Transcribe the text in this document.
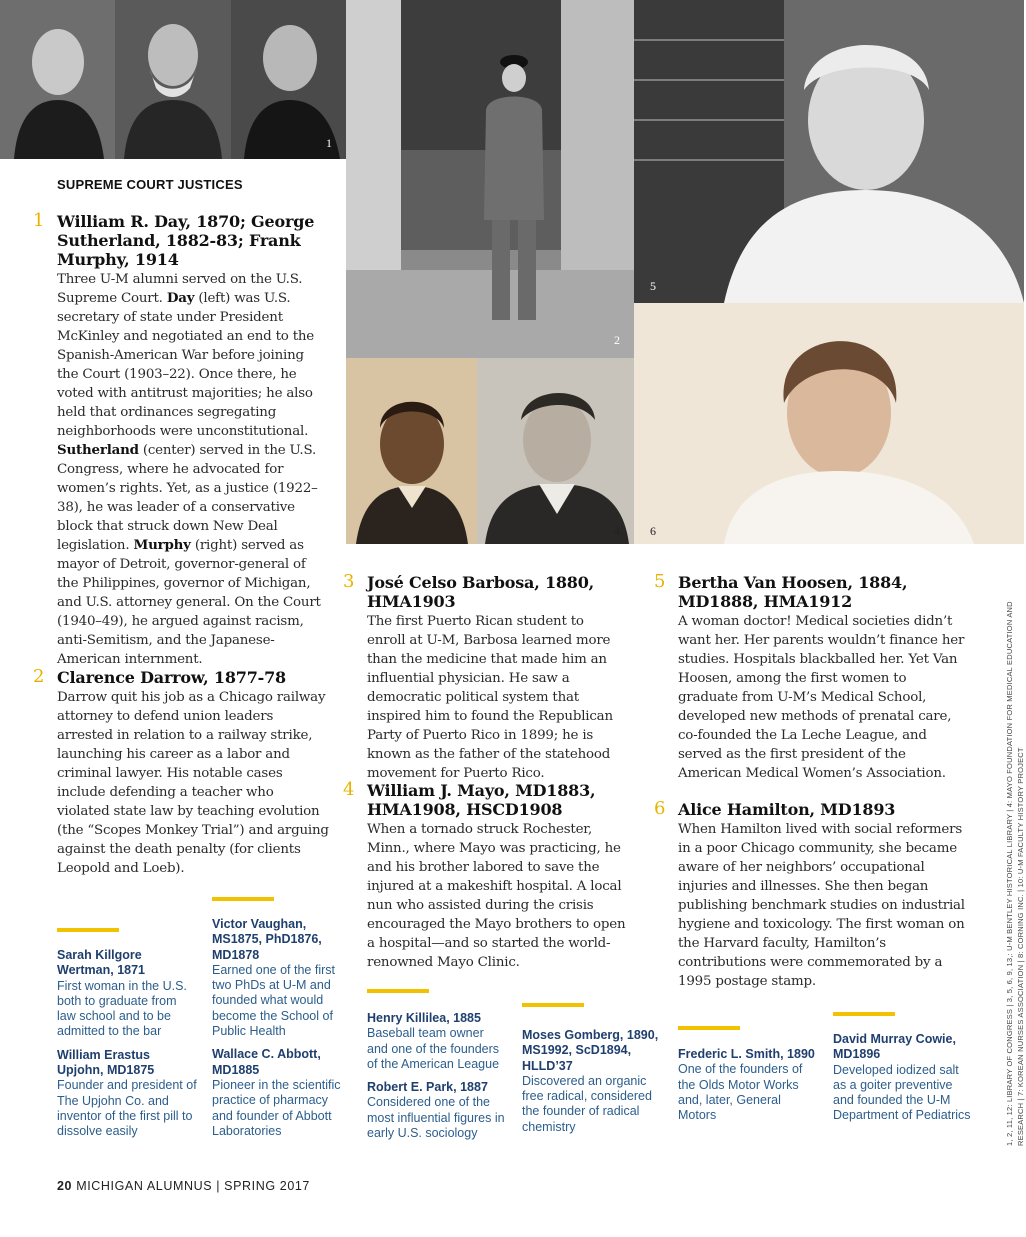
1
2
5
3	4	6
SUPREME COURT JUSTICES
1 William R. Day, 1870; George Sutherland, 1882-83; Frank Murphy, 1914

Three U-M alumni served on the U.S. Supreme Court. Day (left) was U.S. secretary of state under President McKinley and negotiated an end to the Spanish-American War before joining the Court (1903–22). Once there, he voted with antitrust majorities; he also held that ordinances segregating neighborhoods were unconstitutional. Sutherland (center) served in the U.S. Congress, where he advocated for women’s rights. Yet, as a justice (1922–38), he was leader of a conservative block that struck down New Deal legislation. Murphy (right) served as mayor of Detroit, governor-general of the Philippines, governor of Michigan, and U.S. attorney general. On the Court (1940–49), he argued against racism, anti-Semitism, and the Japanese-American internment.

2 Clarence Darrow, 1877-78

Darrow quit his job as a Chicago railway attorney to defend union leaders arrested in relation to a railway strike, launching his career as a labor and criminal lawyer. His notable cases include defending a teacher who violated state law by teaching evolution (the “Scopes Monkey Trial”) and arguing against the death penalty (for clients Leopold and Loeb).

3 José Celso Barbosa, 1880, HMA1903

The first Puerto Rican student to enroll at U-M, Barbosa learned more than the medicine that made him an influential physician. He saw a democratic political system that inspired him to found the Republican Party of Puerto Rico in 1899; he is known as the father of the statehood movement for Puerto Rico.

4 William J. Mayo, MD1883, HMA1908, HSCD1908

When a tornado struck Rochester, Minn., where Mayo was practicing, he and his brother labored to save the injured at a makeshift hospital. A local nun who assisted during the crisis encouraged the Mayo brothers to open a hospital—and so started the world-renowned Mayo Clinic.

5 Bertha Van Hoosen, 1884, MD1888, HMA1912

A woman doctor! Medical societies didn’t want her. Her parents wouldn’t finance her studies. Hospitals blackballed her. Yet Van Hoosen, among the first women to graduate from U-M’s Medical School, developed new methods of prenatal care, co-founded the La Leche League, and served as the first president of the American Medical Women’s Association.

6 Alice Hamilton, MD1893

When Hamilton lived with social reformers in a poor Chicago community, she became aware of her neighbors’ occupational injuries and illnesses. She then began publishing benchmark studies on industrial hygiene and toxicology. The first woman on the Harvard faculty, Hamilton’s contributions were commemorated by a 1995 postage stamp.

Sarah Killgore Wertman, 1871
First woman in the U.S. both to graduate from law school and to be admitted to the bar
William Erastus Upjohn, MD1875
Founder and president of The Upjohn Co. and inventor of the first pill to dissolve easily
Victor Vaughan, MS1875, PhD1876, MD1878
Earned one of the first two PhDs at U-M and founded what would become the School of Public Health
Wallace C. Abbott, MD1885
Pioneer in the scientific practice of pharmacy and founder of Abbott Laboratories
Henry Killilea, 1885
Baseball team owner and one of the founders of the American League
Robert E. Park, 1887
Considered one of the most influential figures in early U.S. sociology
Moses Gomberg, 1890, MS1992, ScD1894, HLLD’37
Discovered an organic free radical, considered the founder of radical chemistry
Frederic L. Smith, 1890
One of the founders of the Olds Motor Works and, later, General Motors
David Murray Cowie, MD1896
Developed iodized salt as a goiter preventive and founded the U-M Department of Pediatrics	1, 2, 11, 12: LIBRARY OF CONGRESS | 3, 5, 6, 9, 13,: U-M BENTLEY HISTORICAL LIBRARY | 4: MAYO FOUNDATION FOR MEDICAL EDUCATION AND RESEARCH | 7: KOREAN NURSES ASSOCIATION | 8: CORNING INC. | 10: U-M FACULTY HISTORY PROJECT
20 MICHIGAN ALUMNUS | SPRING 2017
